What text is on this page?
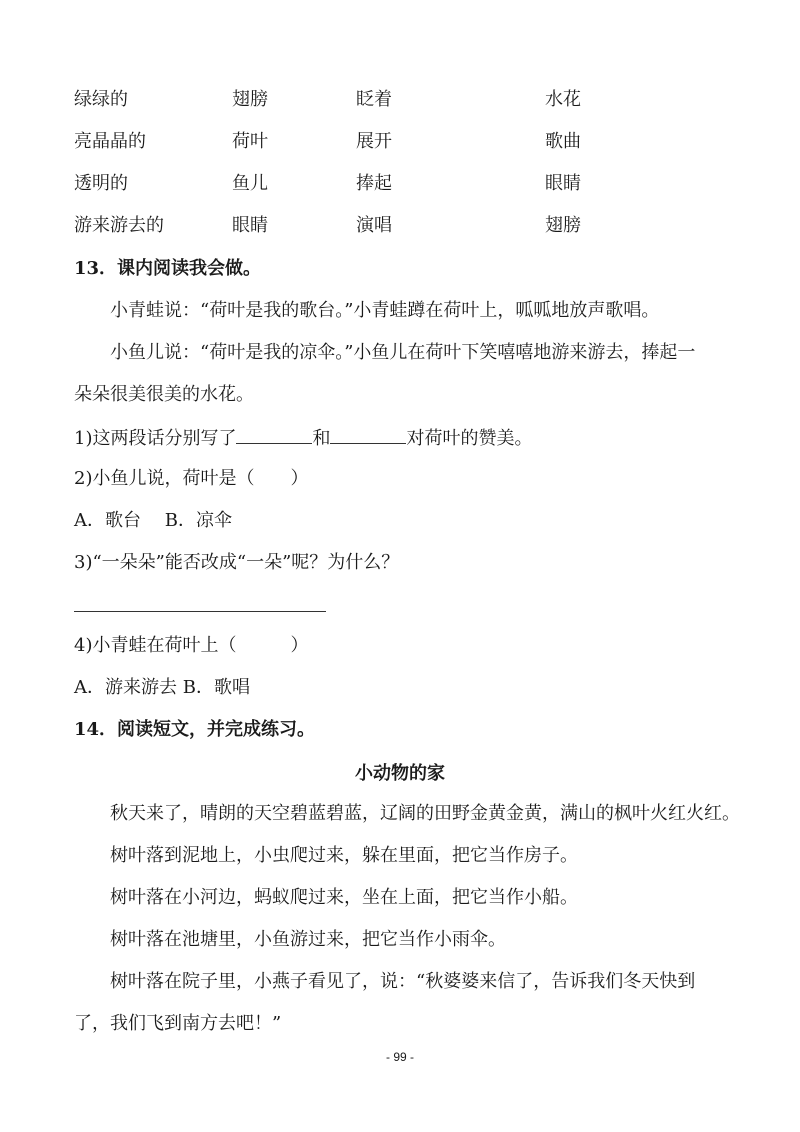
绿绿的	翅膀	眨着	水花
亮晶晶的	荷叶	展开	歌曲
透明的	鱼儿	捧起	眼睛
游来游去的	眼睛	演唱	翅膀
13．课内阅读我会做。
小青蛙说：“荷叶是我的歌台。”小青蛙蹲在荷叶上，呱呱地放声歌唱。
小鱼儿说：“荷叶是我的凉伞。”小鱼儿在荷叶下笑嘻嘻地游来游去，捧起一
朵朵很美很美的水花。
1)这两段话分别写了	和	对荷叶的赞美。
2)小鱼儿说，荷叶是（　　）
A．歌台　 B．凉伞
3)“一朵朵”能否改成“一朵”呢？为什么？
4)小青蛙在荷叶上（　　　）
A．游来游去 B．歌唱
14．阅读短文，并完成练习。
小动物的家
秋天来了，晴朗的天空碧蓝碧蓝，辽阔的田野金黄金黄，满山的枫叶火红火红。
树叶落到泥地上，小虫爬过来，躲在里面，把它当作房子。
树叶落在小河边，蚂蚁爬过来，坐在上面，把它当作小船。
树叶落在池塘里，小鱼游过来，把它当作小雨伞。
树叶落在院子里，小燕子看见了，说：“秋婆婆来信了，告诉我们冬天快到
了，我们飞到南方去吧！”
- 99 -
